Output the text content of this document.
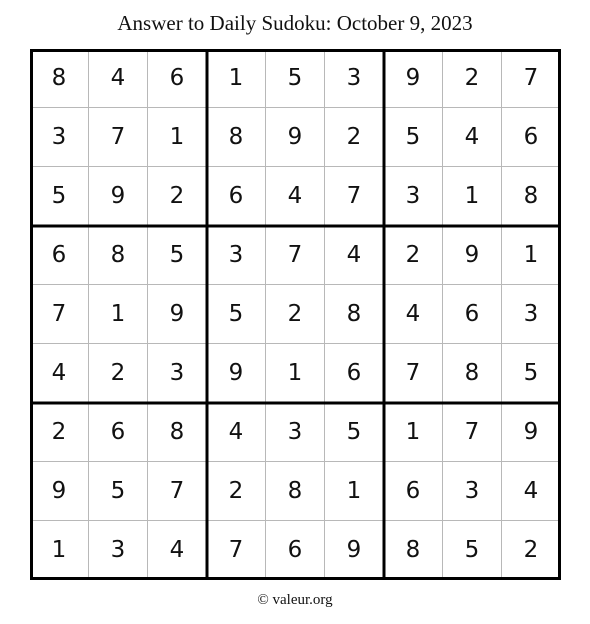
Answer to Daily Sudoku: October 9, 2023
8	4	6	1	5	3	9	2	7
3	7	1	8	9	2	5	4	6
5	9	2	6	4	7	3	1	8
6	8	5	3	7	4	2	9	1
7	1	9	5	2	8	4	6	3
4	2	3	9	1	6	7	8	5
2	6	8	4	3	5	1	7	9
9	5	7	2	8	1	6	3	4
1	3	4	7	6	9	8	5	2
© valeur.org
